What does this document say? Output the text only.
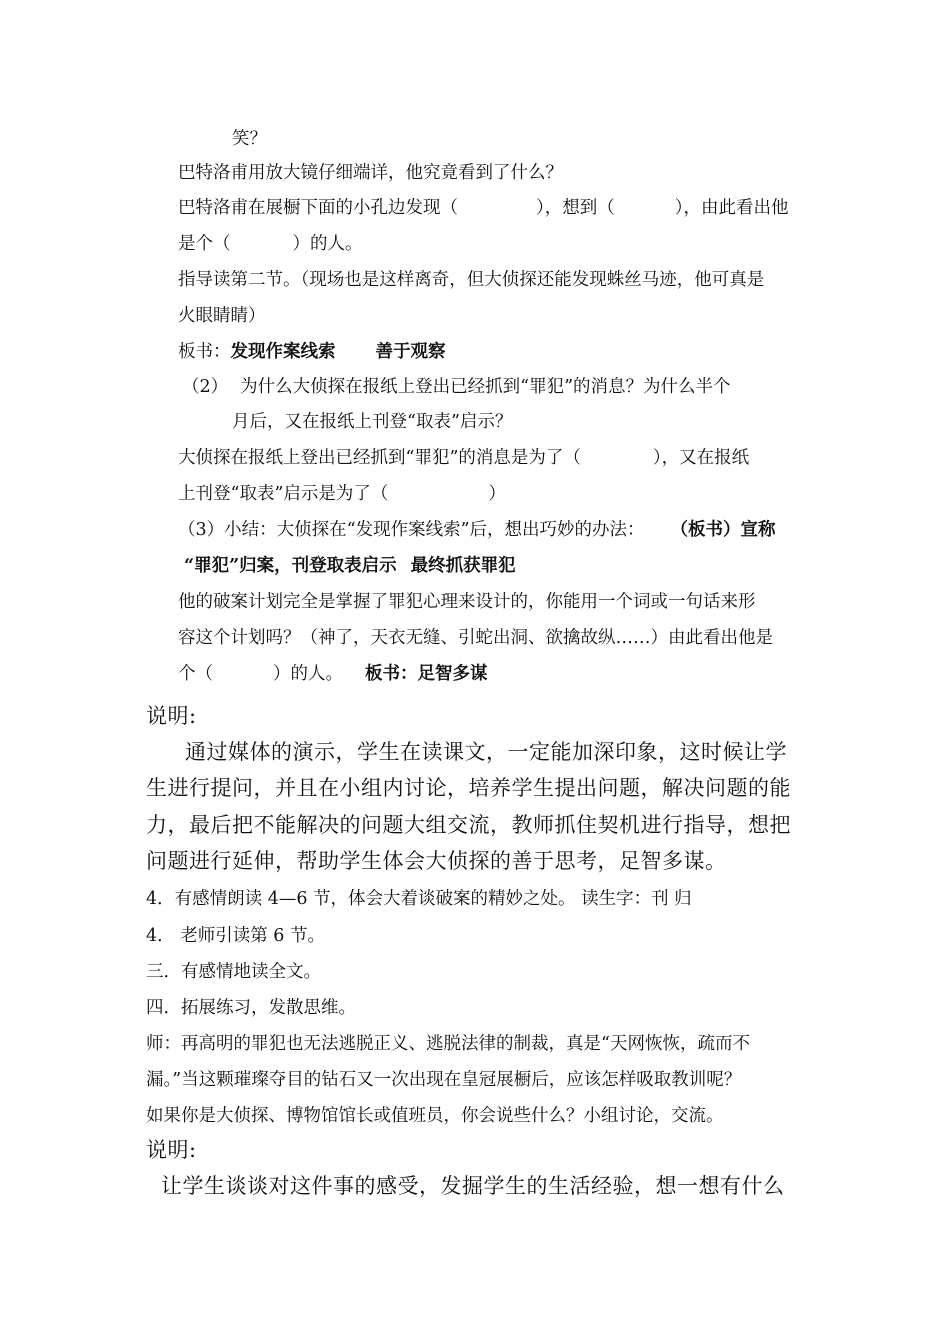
笑？
巴特洛甫用放大镜仔细端详，他究竟看到了什么？
巴特洛甫在展橱下面的小孔边发现（	），想到（	），由此看出他
是个（	）的人。
指导读第二节。（现场也是这样离奇，但大侦探还能发现蛛丝马迹，他可真是
火眼睛睛）
板书：发现作案线索 善于观察
（2） 为什么大侦探在报纸上登出已经抓到“罪犯”的消息？为什么半个
月后，又在报纸上刊登“取表”启示？
大侦探在报纸上登出已经抓到“罪犯”的消息是为了（	），又在报纸
上刊登“取表”启示是为了（	）
（3）小结：大侦探在“发现作案线索”后，想出巧妙的办法： （板书）宣称
“罪犯”归案，刊登取表启示 最终抓获罪犯
他的破案计划完全是掌握了罪犯心理来设计的，你能用一个词或一句话来形
容这个计划吗？（神了，天衣无缝、引蛇出洞、欲擒故纵……）由此看出他是
个（	）的人。 板书：足智多谋
说明:
通过媒体的演示，学生在读课文，一定能加深印象，这时候让学
生进行提问，并且在小组内讨论，培养学生提出问题，解决问题的能
力，最后把不能解决的问题大组交流，教师抓住契机进行指导，想把
问题进行延伸，帮助学生体会大侦探的善于思考，足智多谋。
4．有感情朗读 4—6 节，体会大着谈破案的精妙之处。 读生字：刊 归
4． 老师引读第 6 节。
三．有感情地读全文。
四．拓展练习，发散思维。
师：再高明的罪犯也无法逃脱正义、逃脱法律的制裁，真是“天网恢恢，疏而不
漏。”当这颗璀璨夺目的钻石又一次出现在皇冠展橱后，应该怎样吸取教训呢？
如果你是大侦探、博物馆馆长或值班员，你会说些什么？小组讨论，交流。
说明:
让学生谈谈对这件事的感受，发掘学生的生活经验，想一想有什么
